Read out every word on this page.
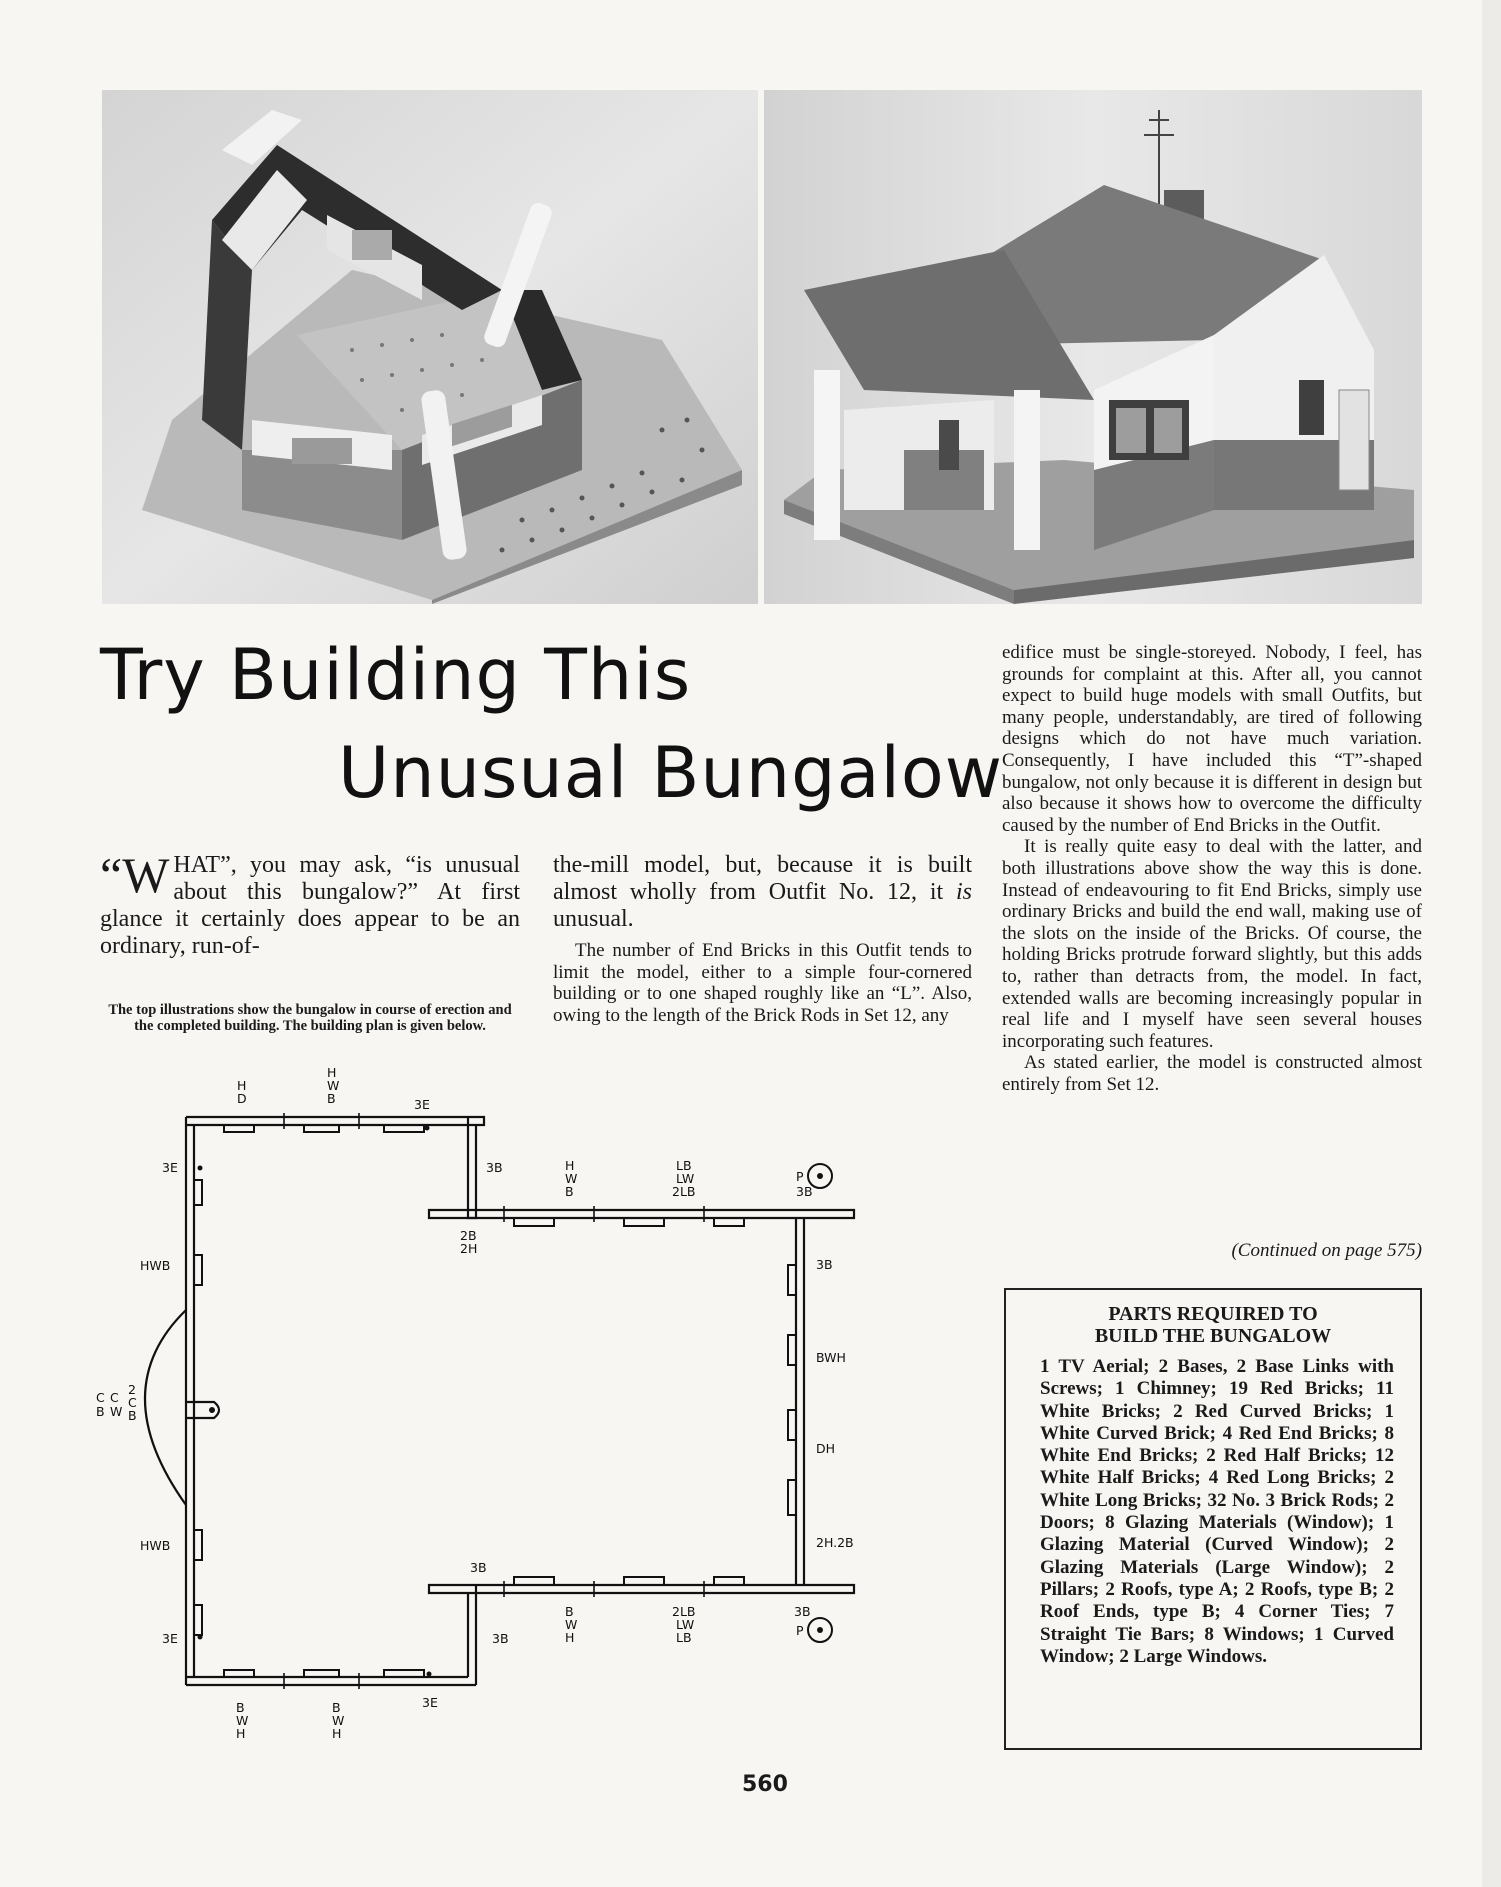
Try Building This
Unusual Bungalow
“W HAT”, you may ask, “is unusual about this bungalow?” At first glance it certainly does appear to be an ordinary, run-of-
The top illustrations show the bungalow in course of erection and the completed building. The building plan is given below.
the-mill model, but, because it is built almost wholly from Outfit No. 12, it is unusual.
The number of End Bricks in this Outfit tends to limit the model, either to a simple four-cornered building or to one shaped roughly like an “L”. Also, owing to the length of the Brick Rods in Set 12, any

edifice must be single-storeyed. Nobody, I feel, has grounds for complaint at this. After all, you cannot expect to build huge models with small Outfits, but many people, understandably, are tired of following designs which do not have much variation. Consequently, I have included this “T”-shaped bungalow, not only because it is different in design but also because it shows how to overcome the difficulty caused by the number of End Bricks in the Outfit.

It is really quite easy to deal with the latter, and both illustrations above show the way this is done. Instead of endeavouring to fit End Bricks, simply use ordinary Bricks and build the end wall, making use of the slots on the inside of the Bricks. Of course, the holding Bricks protrude forward slightly, but this adds to, rather than detracts from, the model. In fact, extended walls are becoming increasingly popular in real life and I myself have seen several houses incorporating such features.

As stated earlier, the model is constructed almost entirely from Set 12.

(Continued on page 575)
PARTS REQUIRED TO
BUILD THE BUNGALOW
1 TV Aerial; 2 Bases, 2 Base Links with Screws; 1 Chimney; 19 Red Bricks; 11 White Bricks; 2 Red Curved Bricks; 1 White Curved Brick; 4 Red End Bricks; 8 White End Bricks; 2 Red Half Bricks; 12 White Half Bricks; 4 Red Long Bricks; 2 White Long Bricks; 32 No. 3 Brick Rods; 2 Doors; 8 Glazing Materials (Window); 1 Glazing Material (Curved Window); 2 Glazing Materials (Large Window); 2 Pillars; 2 Roofs, type A; 2 Roofs, type B; 2 Roof Ends, type B; 4 Corner Ties; 7 Straight Tie Bars; 8 Windows; 1 Curved Window; 2 Large Windows.
P
P
H
D
H
W
B	3E
3E	3B	H
W
B
LB
LW
2LB	3B
2B
2H
HWB	3B
BWH
DH
2H.2B
C C
2
B W
C
B
HWB
3B
3E	3B
B
W
H
2LB
LW
LB
3B
3E
B
W
H
B
W
H
560
